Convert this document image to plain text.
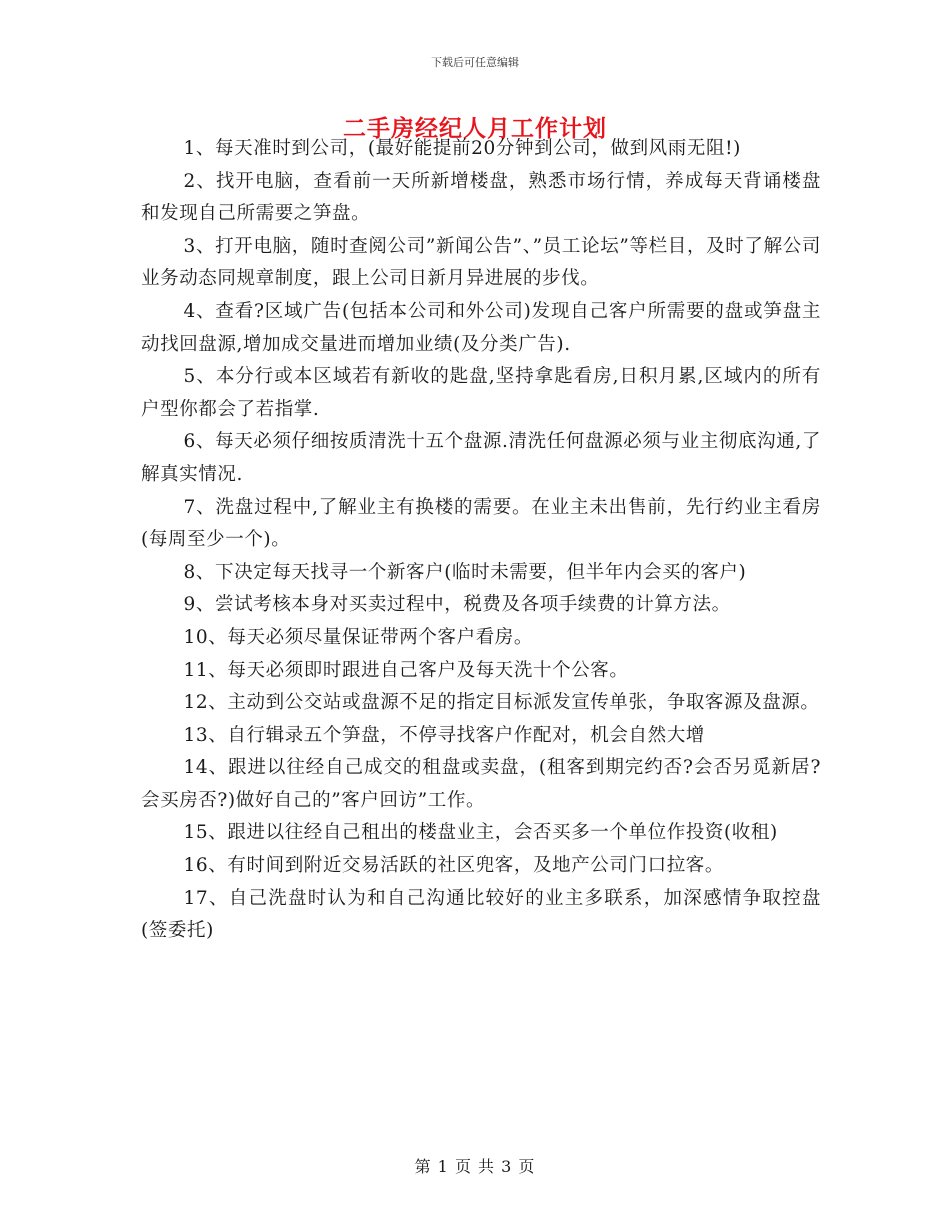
下载后可任意编辑
二手房经纪人月工作计划

1、每天准时到公司，(最好能提前20分钟到公司，做到风雨无阻!)

2、找开电脑，查看前一天所新增楼盘，熟悉市场行情，养成每天背诵楼盘和发现自己所需要之笋盘。

3、打开电脑，随时查阅公司”新闻公告”、”员工论坛”等栏目，及时了解公司业务动态同规章制度，跟上公司日新月异进展的步伐。

4、查看?区域广告(包括本公司和外公司)发现自己客户所需要的盘或笋盘主动找回盘源,增加成交量进而增加业绩(及分类广告).

5、本分行或本区域若有新收的匙盘,坚持拿匙看房,日积月累,区域内的所有户型你都会了若指掌.

6、每天必须仔细按质清洗十五个盘源.清洗任何盘源必须与业主彻底沟通,了解真实情况.

7、洗盘过程中,了解业主有换楼的需要。在业主未出售前，先行约业主看房(每周至少一个)。

8、下决定每天找寻一个新客户(临时未需要，但半年内会买的客户)

9、尝试考核本身对买卖过程中，税费及各项手续费的计算方法。

10、每天必须尽量保证带两个客户看房。

11、每天必须即时跟进自己客户及每天洗十个公客。

12、主动到公交站或盘源不足的指定目标派发宣传单张，争取客源及盘源。

13、自行辑录五个笋盘，不停寻找客户作配对，机会自然大增

14、跟进以往经自己成交的租盘或卖盘，(租客到期完约否?会否另觅新居?会买房否?)做好自己的”客户回访”工作。

15、跟进以往经自己租出的楼盘业主，会否买多一个单位作投资(收租)

16、有时间到附近交易活跃的社区兜客，及地产公司门口拉客。

17、自己洗盘时认为和自己沟通比较好的业主多联系，加深感情争取控盘(签委托)

第 1 页 共 3 页
